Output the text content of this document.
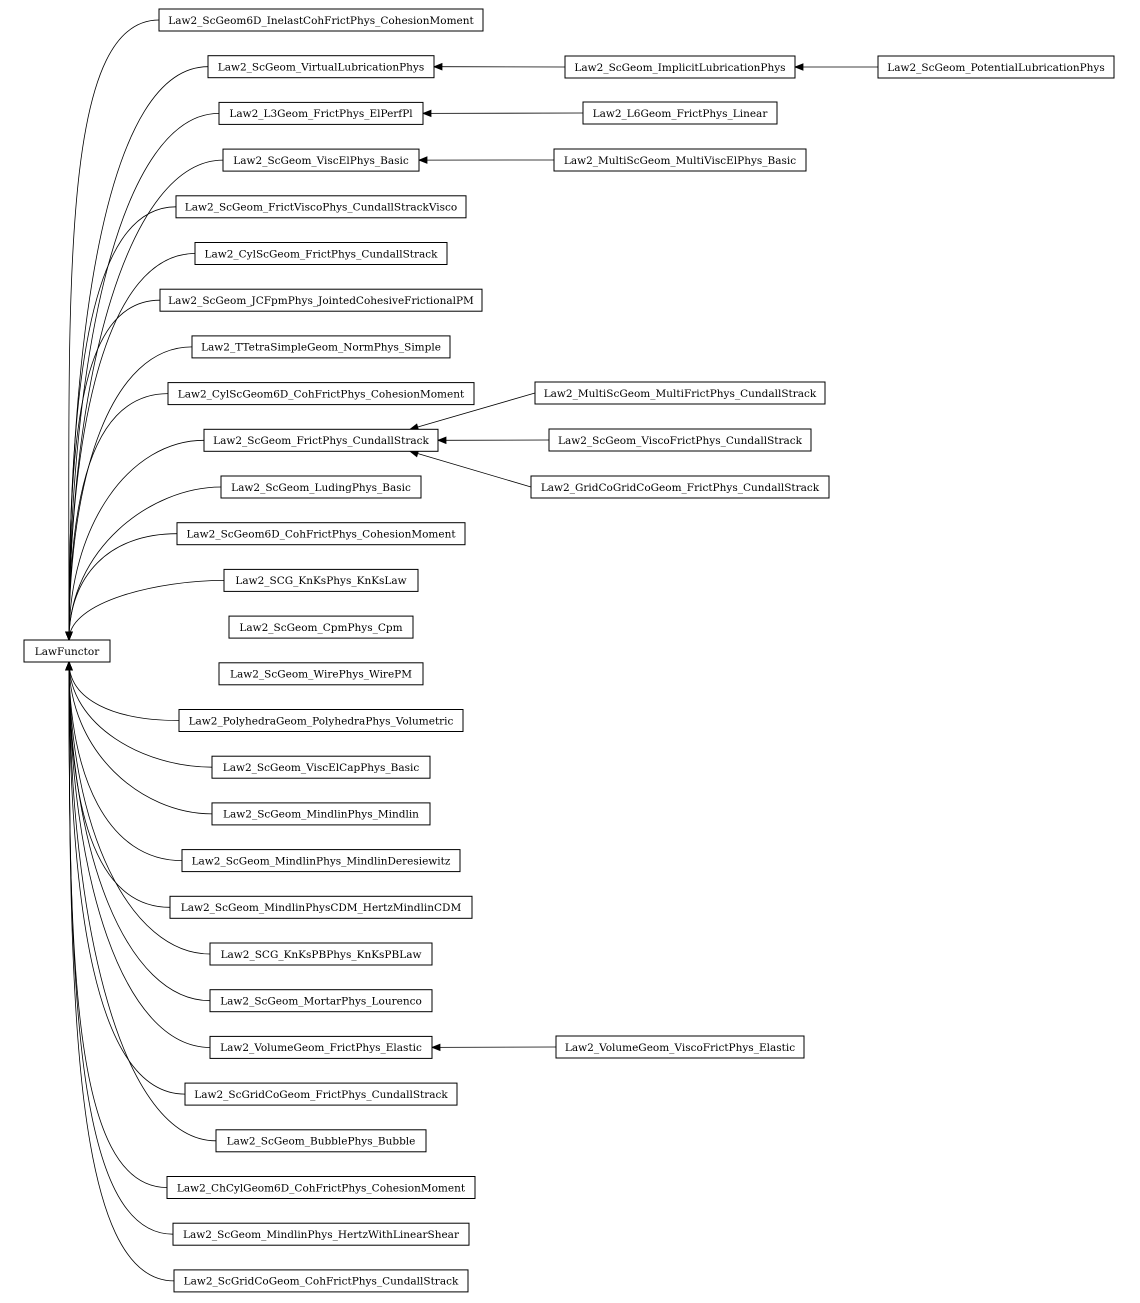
LawFunctor
Law2_ScGeom6D_InelastCohFrictPhys_CohesionMoment
Law2_ScGeom_VirtualLubricationPhys
Law2_L3Geom_FrictPhys_ElPerfPl
Law2_ScGeom_ViscElPhys_Basic
Law2_ScGeom_FrictViscoPhys_CundallStrackVisco
Law2_CylScGeom_FrictPhys_CundallStrack
Law2_ScGeom_JCFpmPhys_JointedCohesiveFrictionalPM
Law2_TTetraSimpleGeom_NormPhys_Simple
Law2_CylScGeom6D_CohFrictPhys_CohesionMoment
Law2_ScGeom_FrictPhys_CundallStrack
Law2_ScGeom_LudingPhys_Basic
Law2_ScGeom6D_CohFrictPhys_CohesionMoment
Law2_SCG_KnKsPhys_KnKsLaw
Law2_ScGeom_CpmPhys_Cpm
Law2_ScGeom_WirePhys_WirePM
Law2_PolyhedraGeom_PolyhedraPhys_Volumetric
Law2_ScGeom_ViscElCapPhys_Basic
Law2_ScGeom_MindlinPhys_Mindlin
Law2_ScGeom_MindlinPhys_MindlinDeresiewitz
Law2_ScGeom_MindlinPhysCDM_HertzMindlinCDM
Law2_SCG_KnKsPBPhys_KnKsPBLaw
Law2_ScGeom_MortarPhys_Lourenco
Law2_VolumeGeom_FrictPhys_Elastic
Law2_ScGridCoGeom_FrictPhys_CundallStrack
Law2_ScGeom_BubblePhys_Bubble
Law2_ChCylGeom6D_CohFrictPhys_CohesionMoment
Law2_ScGeom_MindlinPhys_HertzWithLinearShear
Law2_ScGridCoGeom_CohFrictPhys_CundallStrack
Law2_ScGeom_ImplicitLubricationPhys	Law2_ScGeom_PotentialLubricationPhys
Law2_L6Geom_FrictPhys_Linear
Law2_MultiScGeom_MultiViscElPhys_Basic
Law2_MultiScGeom_MultiFrictPhys_CundallStrack
Law2_ScGeom_ViscoFrictPhys_CundallStrack
Law2_GridCoGridCoGeom_FrictPhys_CundallStrack
Law2_VolumeGeom_ViscoFrictPhys_Elastic
